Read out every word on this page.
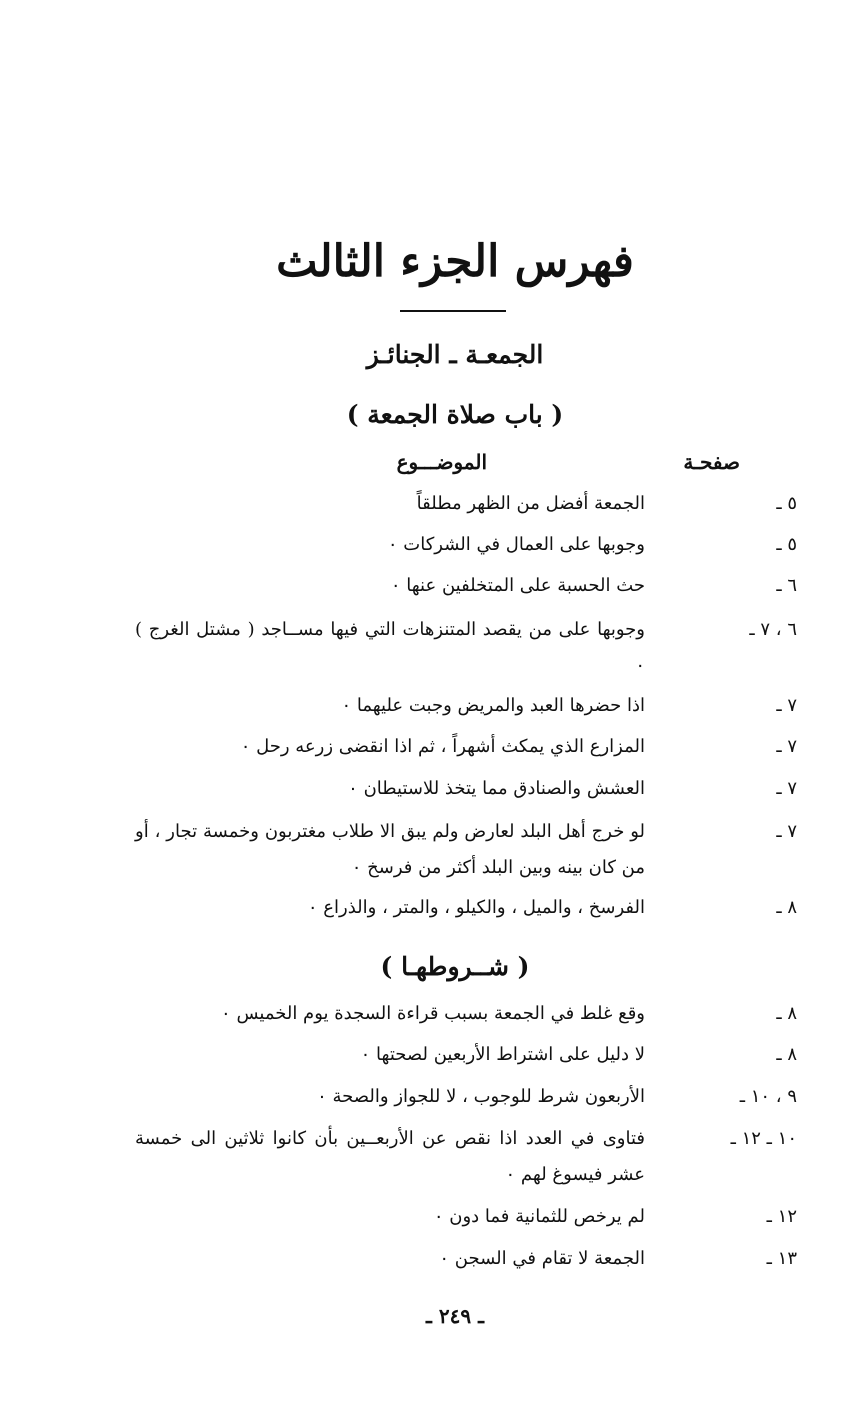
فهرس الجزء الثالث
الجمعـة ـ الجنائـز
( باب صلاة الجمعة )
صفحـة
الموضـــوع
٥ ـ
الجمعة أفضل من الظهر مطلقاً
٥ ـ
وجوبها على العمال في الشركات ٠
٦ ـ
حث الحسبة على المتخلفين عنها ٠
٦ ، ٧ ـ
وجوبها على من يقصد المتنزهات التي فيها مســاجد ( مشتل الغرج ) ٠
٧ ـ
اذا حضرها العبد والمريض وجبت عليهما ٠
٧ ـ
المزارع الذي يمكث أشهراً ، ثم اذا انقضى زرعه رحل ٠
٧ ـ
العشش والصنادق مما يتخذ للاستيطان ٠
٧ ـ
لو خرج أهل البلد لعارض ولم يبق الا طلاب مغتربون وخمسة تجار ، أو من كان بينه وبين البلد أكثر من فرسخ ٠
٨ ـ
الفرسخ ، والميل ، والكيلو ، والمتر ، والذراع ٠
( شــروطهـا )
٨ ـ
وقع غلط في الجمعة بسبب قراءة السجدة يوم الخميس ٠
٨ ـ
لا دليل على اشتراط الأربعين لصحتها ٠
٩ ، ١٠ ـ
الأربعون شرط للوجوب ، لا للجواز والصحة ٠
١٠ ـ ١٢ ـ
فتاوى في العدد اذا نقص عن الأربعــين بأن كانوا ثلاثين الى خمسة عشر فيسوغ لهم ٠
١٢ ـ
لم يرخص للثمانية فما دون ٠
١٣ ـ
الجمعة لا تقام في السجن ٠
ـ ٢٤٩ ـ
